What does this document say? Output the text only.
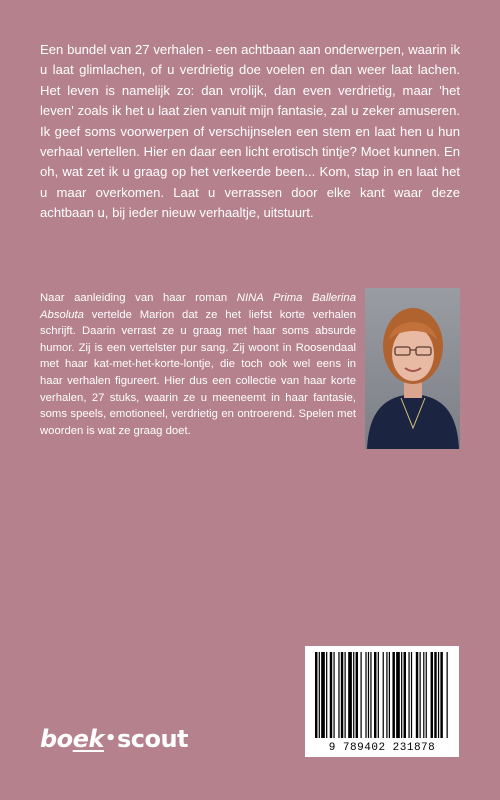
Een bundel van 27 verhalen - een achtbaan aan onderwerpen, waarin ik u laat glimlachen, of u verdrietig doe voelen en dan weer laat lachen. Het leven is namelijk zo: dan vrolijk, dan even verdrietig, maar 'het leven' zoals ik het u laat zien vanuit mijn fantasie, zal u zeker amuseren. Ik geef soms voorwerpen of verschijnselen een stem en laat hen u hun verhaal vertellen. Hier en daar een licht erotisch tintje? Moet kunnen. En oh, wat zet ik u graag op het verkeerde been... Kom, stap in en laat het u maar overkomen. Laat u verrassen door elke kant waar deze achtbaan u, bij ieder nieuw verhaaltje, uitstuurt.

Naar aanleiding van haar roman NINA Prima Ballerina Absoluta vertelde Marion dat ze het liefst korte verhalen schrijft. Daarin verrast ze u graag met haar soms absurde humor. Zij is een vertelster pur sang. Zij woont in Roosendaal met haar kat-met-het-korte-lontje, die toch ook wel eens in haar verhalen figureert. Hier dus een collectie van haar korte verhalen, 27 stuks, waarin ze u meeneemt in haar fantasie, soms speels, emotioneel, verdrietig en ontroerend. Spelen met woorden is wat ze graag doet.

9 789402 231878
boek•scout
